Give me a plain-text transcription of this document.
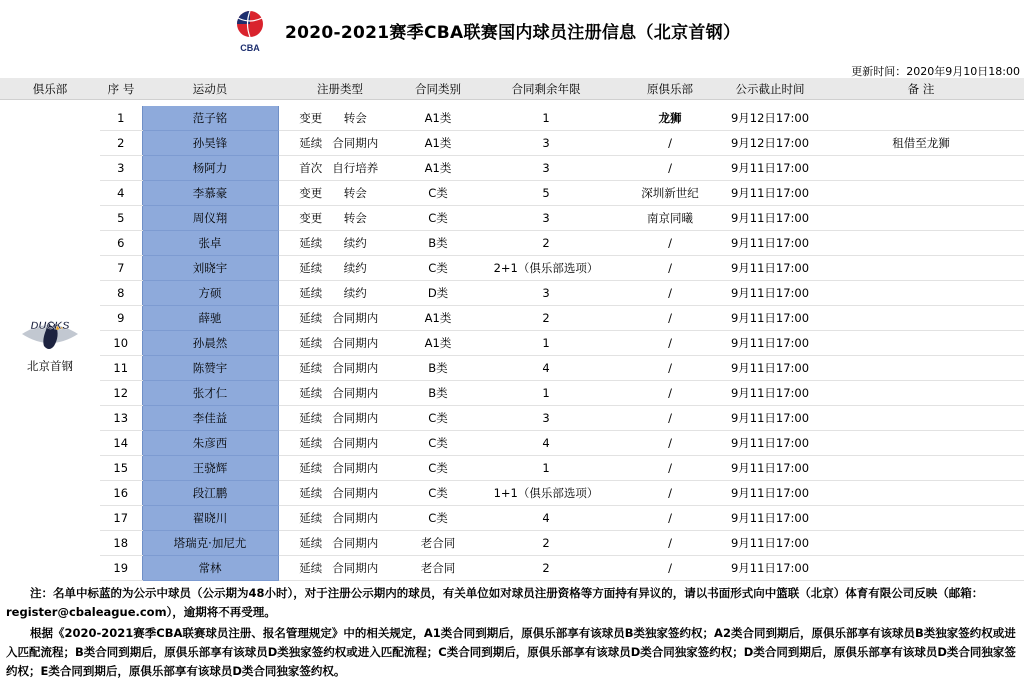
CBA
2020-2021赛季CBA联赛国内球员注册信息（北京首钢）
更新时间：2020年9月10日18:00
俱乐部	序 号	运动员	注册类型	合同类别	合同剩余年限	原俱乐部	公示截止时间	备 注

DUCKS
北京首钢	1	范子铭	变更 转会	A1类	1	龙狮	9月12日17:00	
	2	孙昊锋	延续 合同期内	A1类	3	/	9月12日17:00	租借至龙狮
	3	杨阿力	首次 自行培养	A1类	3	/	9月11日17:00	
	4	李慕豪	变更 转会	C类	5	深圳新世纪	9月11日17:00	
	5	周仪翔	变更 转会	C类	3	南京同曦	9月11日17:00	
	6	张卓	延续 续约	B类	2	/	9月11日17:00	
	7	刘晓宇	延续 续约	C类	2+1（俱乐部选项）	/	9月11日17:00	
	8	方硕	延续 续约	D类	3	/	9月11日17:00	
	9	薛驰	延续 合同期内	A1类	2	/	9月11日17:00	
	10	孙晨然	延续 合同期内	A1类	1	/	9月11日17:00	
	11	陈赞宇	延续 合同期内	B类	4	/	9月11日17:00	
	12	张才仁	延续 合同期内	B类	1	/	9月11日17:00	
	13	李佳益	延续 合同期内	C类	3	/	9月11日17:00	
	14	朱彦西	延续 合同期内	C类	4	/	9月11日17:00	
	15	王骁辉	延续 合同期内	C类	1	/	9月11日17:00	
	16	段江鹏	延续 合同期内	C类	1+1（俱乐部选项）	/	9月11日17:00	
	17	翟晓川	延续 合同期内	C类	4	/	9月11日17:00	
	18	塔瑞克·加尼尤	延续 合同期内	老合同	2	/	9月11日17:00	
	19	常林	延续 合同期内	老合同	2	/	9月11日17:00	

注：名单中标蓝的为公示中球员（公示期为48小时），对于注册公示期内的球员，有关单位如对球员注册资格等方面持有异议的，请以书面形式向中篮联（北京）体育有限公司反映（邮箱：register@cbaleague.com），逾期将不再受理。

根据《2020-2021赛季CBA联赛球员注册、报名管理规定》中的相关规定，A1类合同到期后，原俱乐部享有该球员B类独家签约权；A2类合同到期后，原俱乐部享有该球员B类独家签约权或进入匹配流程；B类合同到期后，原俱乐部享有该球员D类独家签约权或进入匹配流程；C类合同到期后，原俱乐部享有该球员D类合同独家签约权；D类合同到期后，原俱乐部享有该球员D类合同独家签约权；E类合同到期后，原俱乐部享有该球员D类合同独家签约权。
